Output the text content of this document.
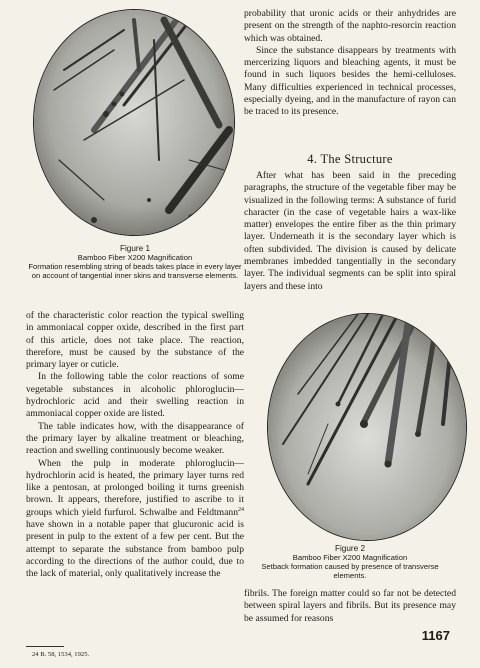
Figure 1
Bamboo Fiber X200 Magnification
Formation resembling string of beads takes place in every layer on account of tangential inner skins and transverse elements.

probability that uronic acids or their anhydrides are present on the strength of the naphto-resorcin reaction which was obtained.

Since the substance disappears by treatments with mercerizing liquors and bleaching agents, it must be found in such liquors besides the hemi-celluloses. Many difficulties experienced in technical processes, especially dyeing, and in the manufacture of rayon can be traced to its presence.

4. The Structure

After what has been said in the preceding paragraphs, the structure of the vegetable fiber may be visualized in the following terms: A substance of furid character (in the case of vegetable hairs a wax-like matter) envelopes the entire fiber as the thin primary layer. Underneath it is the secondary layer which is often subdivided. The division is caused by delicate membranes imbedded tangentially in the secondary layer. The individual segments can be split into spiral layers and these into

of the characteristic color reaction the typical swelling in ammoniacal copper oxide, described in the first part of this article, does not take place. The reaction, therefore, must be caused by the substance of the primary layer or cuticle.

In the following table the color reactions of some vegetable substances in alcoholic phloroglucin—hydrochloric acid and their swelling reaction in ammoniacal copper oxide are listed.

The table indicates how, with the disappearance of the primary layer by alkaline treatment or bleaching, reaction and swelling continuously become weaker.

When the pulp in moderate phloroglucin—hydrochlorin acid is heated, the primary layer turns red like a pentosan, at prolonged boiling it turns greenish brown. It appears, therefore, justified to ascribe to it groups which yield furfurol. Schwalbe and Feldtmann$^{24}$ have shown in a notable paper that glucuronic acid is present in pulp to the extent of a few per cent. But the attempt to separate the substance from bamboo pulp according to the directions of the author could, due to the lack of material, only qualitatively increase the

Figure 2
Bamboo Fiber X200 Magnification
Setback formation caused by presence of transverse elements.

fibrils. The foreign matter could so far not be detected between spiral layers and fibrils. But its presence may be assumed for reasons

24 B. 58, 1534, 1925.
1167
